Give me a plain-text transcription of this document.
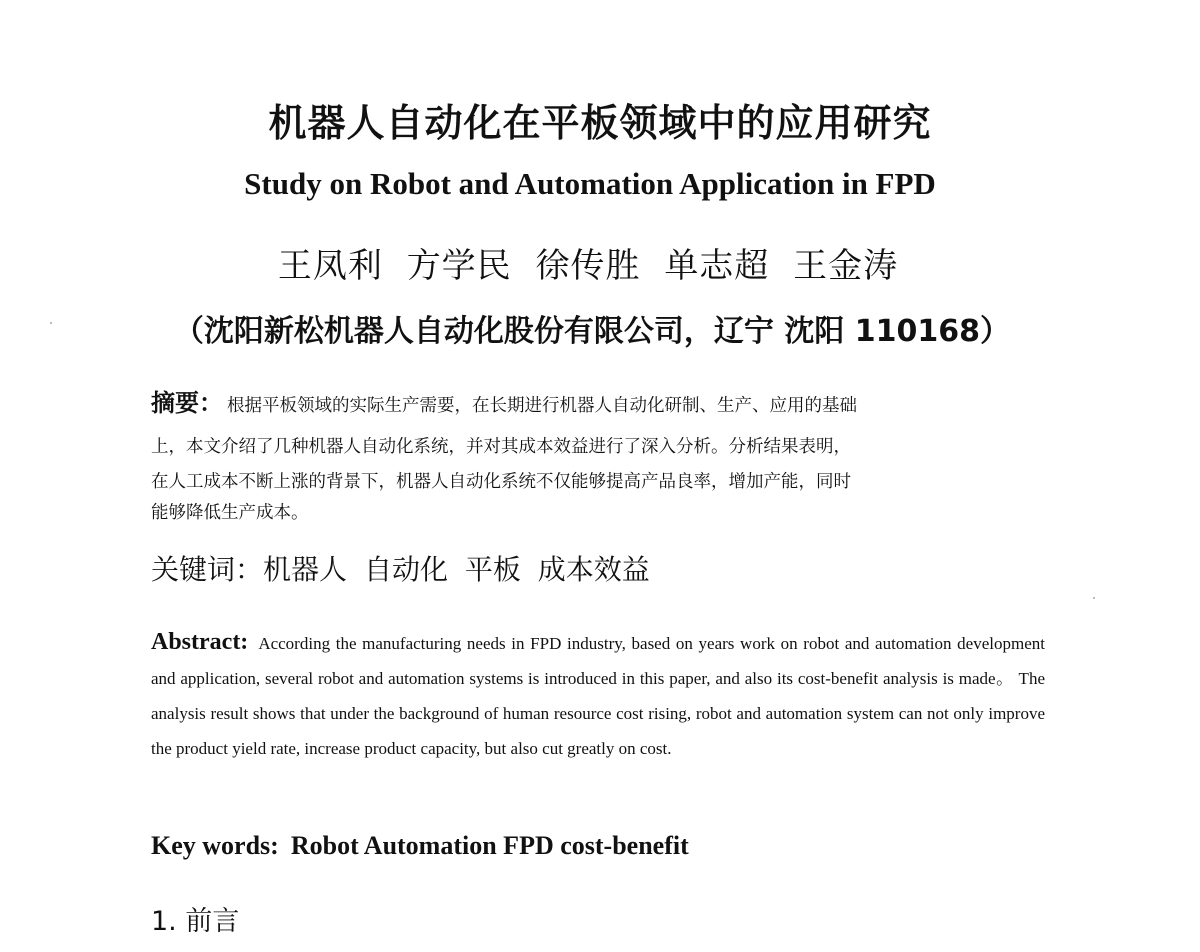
机器人自动化在平板领域中的应用研究
Study on Robot and Automation Application in FPD
王凤利 方学民 徐传胜 单志超 王金涛
（沈阳新松机器人自动化股份有限公司，辽宁 沈阳 110168）
摘要： 根据平板领域的实际生产需要，在长期进行机器人自动化研制、生产、应用的基础
上，本文介绍了几种机器人自动化系统，并对其成本效益进行了深入分析。分析结果表明，
在人工成本不断上涨的背景下，机器人自动化系统不仅能够提高产品良率，增加产能，同时
能够降低生产成本。
关键词：机器人 自动化 平板 成本效益
Abstract: According the manufacturing needs in FPD industry, based on years work on robot and automation development and application, several robot and automation systems is introduced in this paper, and also its cost-benefit analysis is made。 The analysis result shows that under the background of human resource cost rising, robot and automation system can not only improve the product yield rate, increase product capacity, but also cut greatly on cost.
Key words: Robot Automation FPD cost-benefit
1. 前言
